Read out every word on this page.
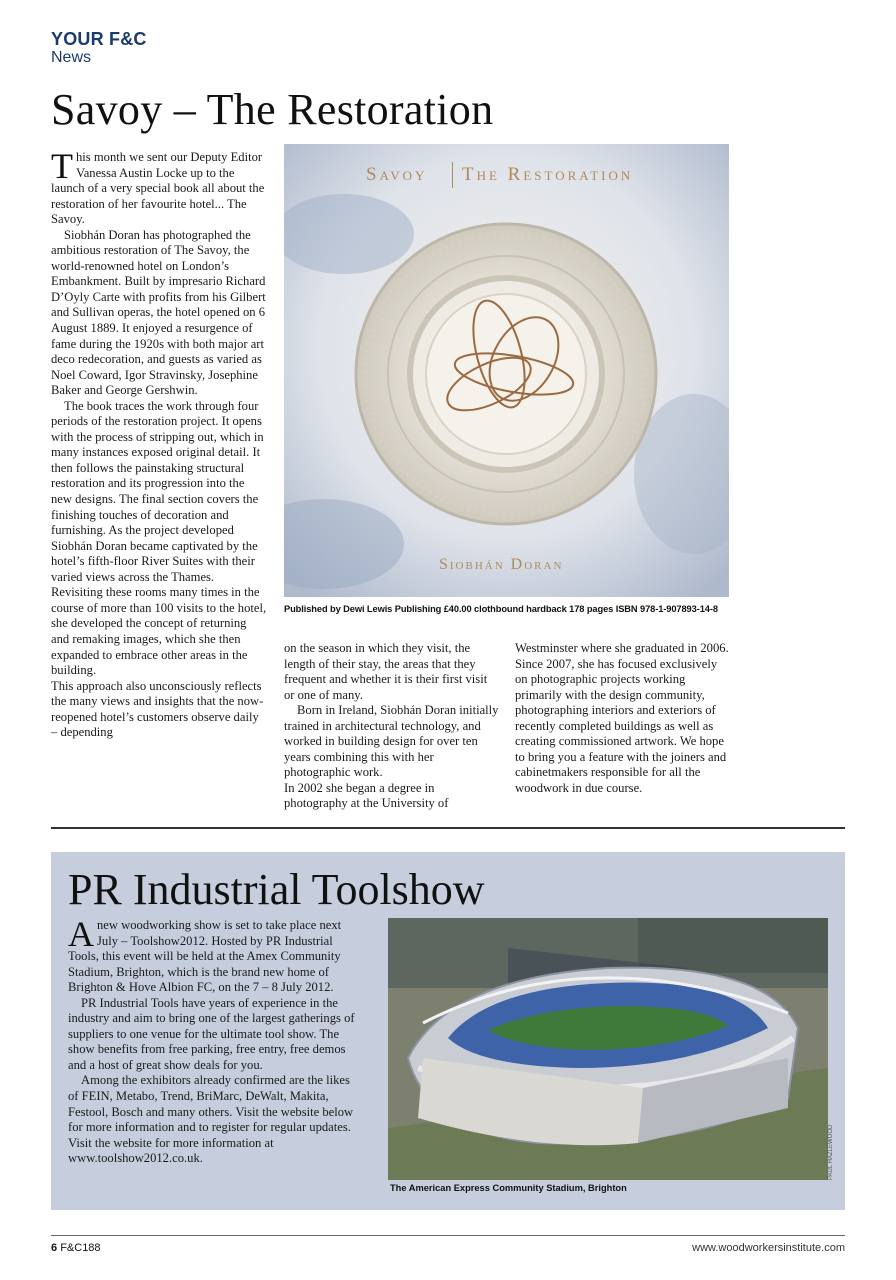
YOUR F&C
News
Savoy – The Restoration

This month we sent our Deputy Editor Vanessa Austin Locke up to the launch of a very special book all about the restoration of her favourite hotel... The Savoy.

Siobhán Doran has photographed the ambitious restoration of The Savoy, the world-renowned hotel on London’s Embankment. Built by impresario Richard D’Oyly Carte with profits from his Gilbert and Sullivan operas, the hotel opened on 6 August 1889. It enjoyed a resurgence of fame during the 1920s with both major art deco redecoration, and guests as varied as Noel Coward, Igor Stravinsky, Josephine Baker and George Gershwin.

The book traces the work through four periods of the restoration project. It opens with the process of stripping out, which in many instances exposed original detail. It then follows the painstaking structural restoration and its progression into the new designs. The final section covers the finishing touches of decoration and furnishing. As the project developed Siobhán Doran became captivated by the hotel’s fifth-floor River Suites with their varied views across the Thames. Revisiting these rooms many times in the course of more than 100 visits to the hotel, she developed the concept of returning and remaking images, which she then expanded to embrace other areas in the building.

This approach also unconsciously reflects the many views and insights that the now-reopened hotel’s customers observe daily – depending

Savoy The Restoration
Siobhán Doran
Published by Dewi Lewis Publishing £40.00 clothbound hardback 178 pages ISBN 978-1-907893-14-8

on the season in which they visit, the length of their stay, the areas that they frequent and whether it is their first visit or one of many.

Born in Ireland, Siobhán Doran initially trained in architectural technology, and worked in building design for over ten years combining this with her photographic work.

In 2002 she began a degree in photography at the University of

Westminster where she graduated in 2006. Since 2007, she has focused exclusively on photographic projects working primarily with the design community, photographing interiors and exteriors of recently completed buildings as well as creating commissioned artwork. We hope to bring you a feature with the joiners and cabinetmakers responsible for all the woodwork in due course.

PR Industrial Toolshow

Anew woodworking show is set to take place next July – Toolshow2012. Hosted by PR Industrial Tools, this event will be held at the Amex Community Stadium, Brighton, which is the brand new home of Brighton & Hove Albion FC, on the 7 – 8 July 2012.

PR Industrial Tools have years of experience in the industry and aim to bring one of the largest gatherings of suppliers to one venue for the ultimate tool show. The show benefits from free parking, free entry, free demos and a host of great show deals for you.

Among the exhibitors already confirmed are the likes of FEIN, Metabo, Trend, BriMarc, DeWalt, Makita, Festool, Bosch and many others. Visit the website below for more information and to register for regular updates. Visit the website for more information at www.toolshow2012.co.uk.

The American Express Community Stadium, Brighton
PAUL HAZLEWOOD
6 F&C188	www.woodworkersinstitute.com
